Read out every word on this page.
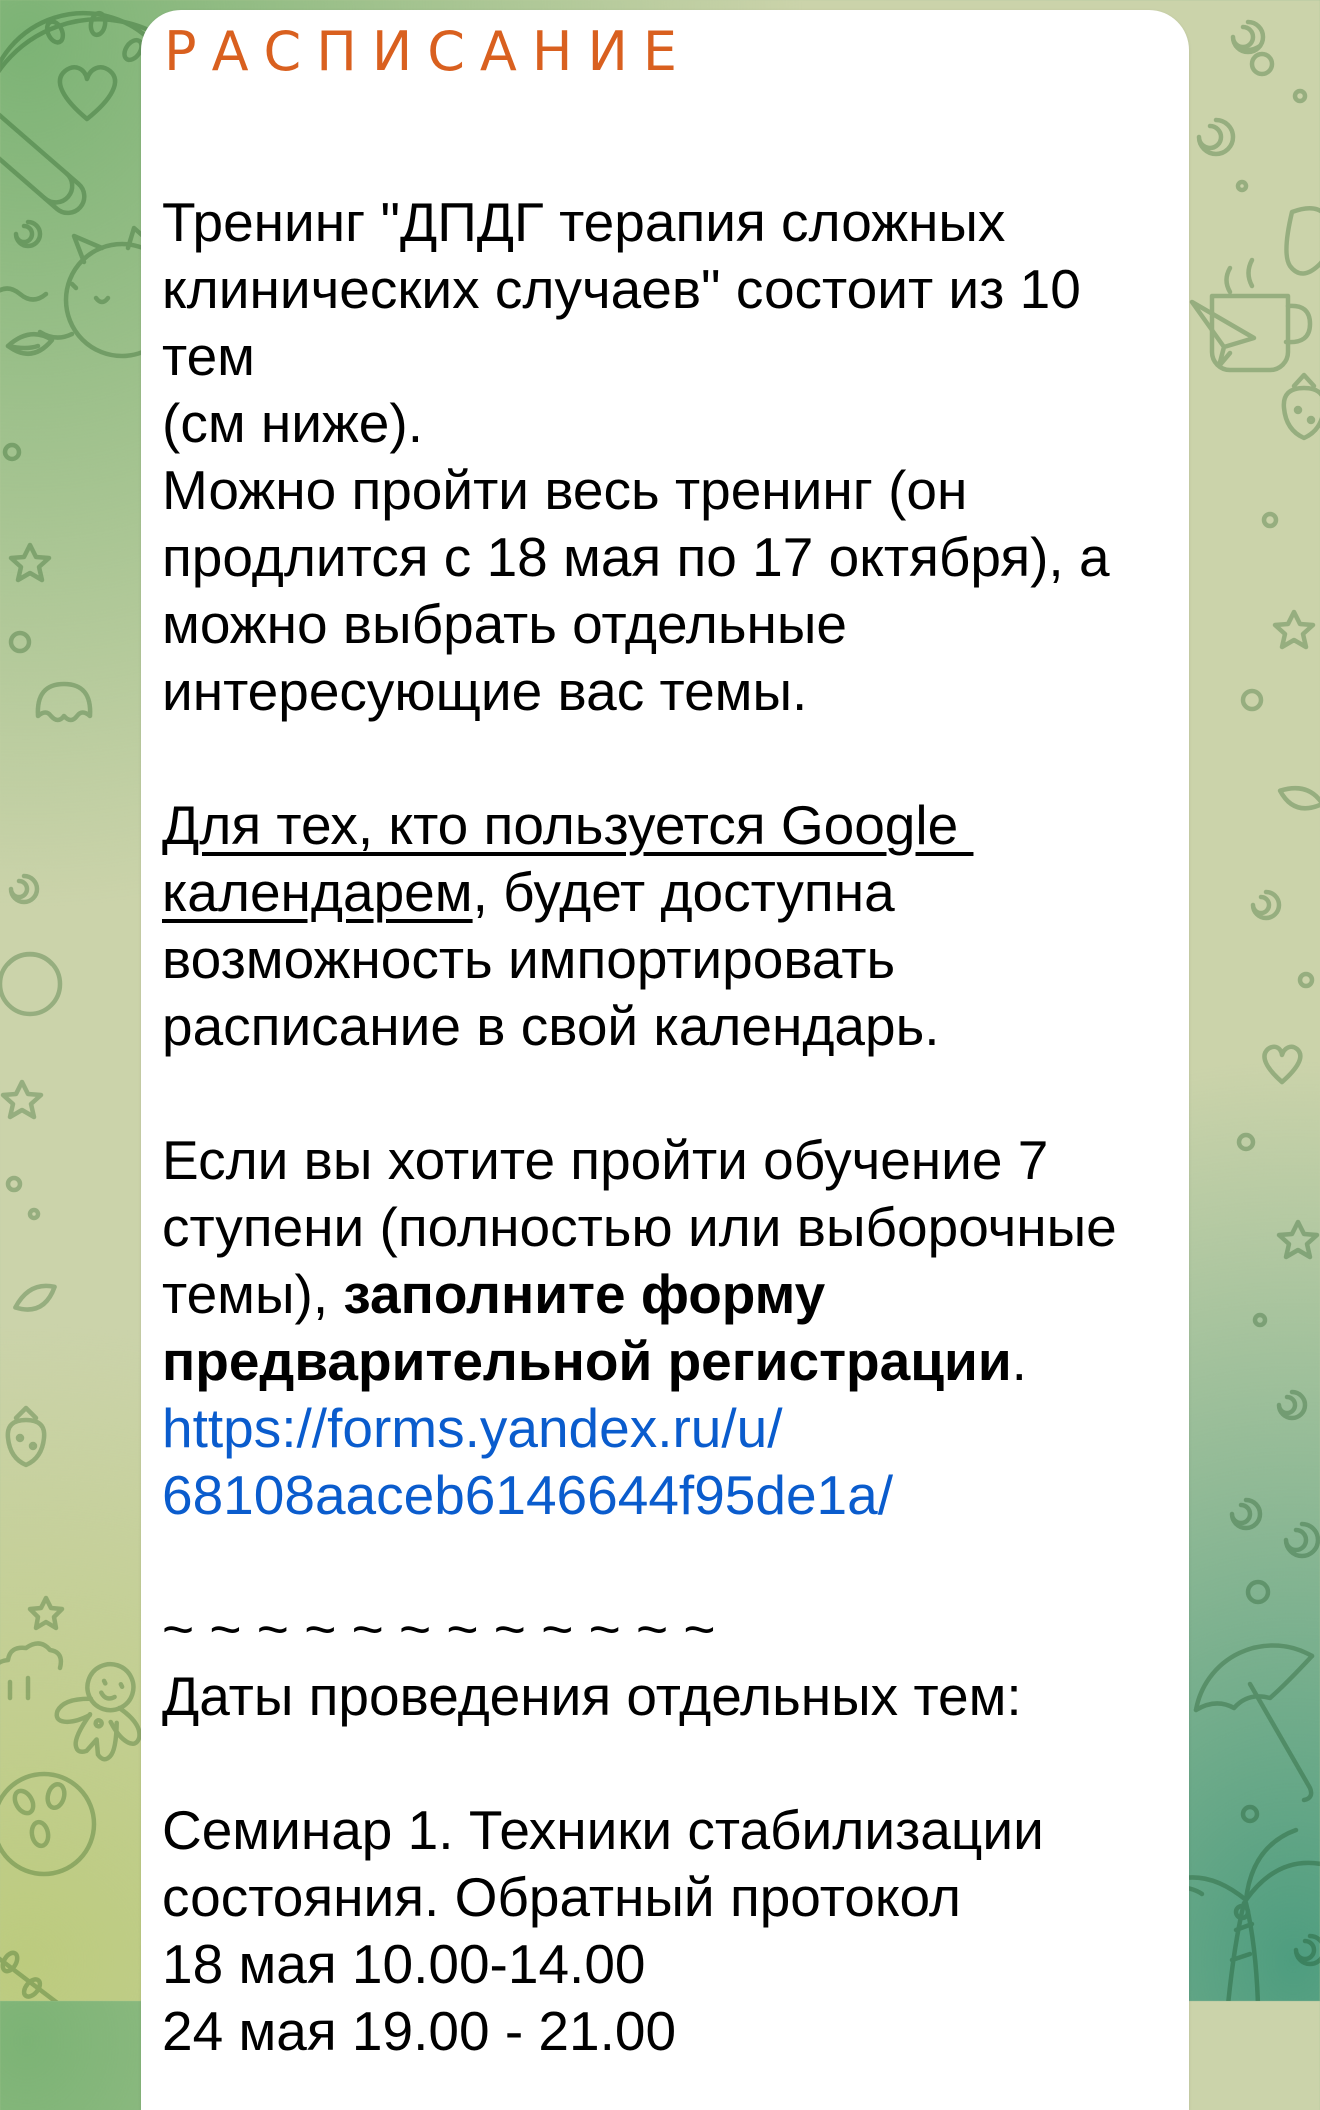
РАСПИСАНИЕ
Тренинг "ДПДГ терапия сложных
клинических случаев" состоит из 10 тем
(см ниже).
Можно пройти весь тренинг (он
продлится с 18 мая по 17 октября), а
можно выбрать отдельные
интересующие вас темы.

Для тех, кто пользуется Google
календарем, будет доступна
возможность импортировать
расписание в свой календарь.

Если вы хотите пройти обучение 7
ступени (полностью или выборочные
темы), заполните форму
предварительной регистрации.
https://forms.yandex.ru/u/
68108aaceb6146644f95de1a/

~ ~ ~ ~ ~ ~ ~ ~ ~ ~ ~ ~
Даты проведения отдельных тем:

Семинар 1. Техники стабилизации
состояния. Обратный протокол
18 мая 10.00-14.00
24 мая 19.00 - 21.00
